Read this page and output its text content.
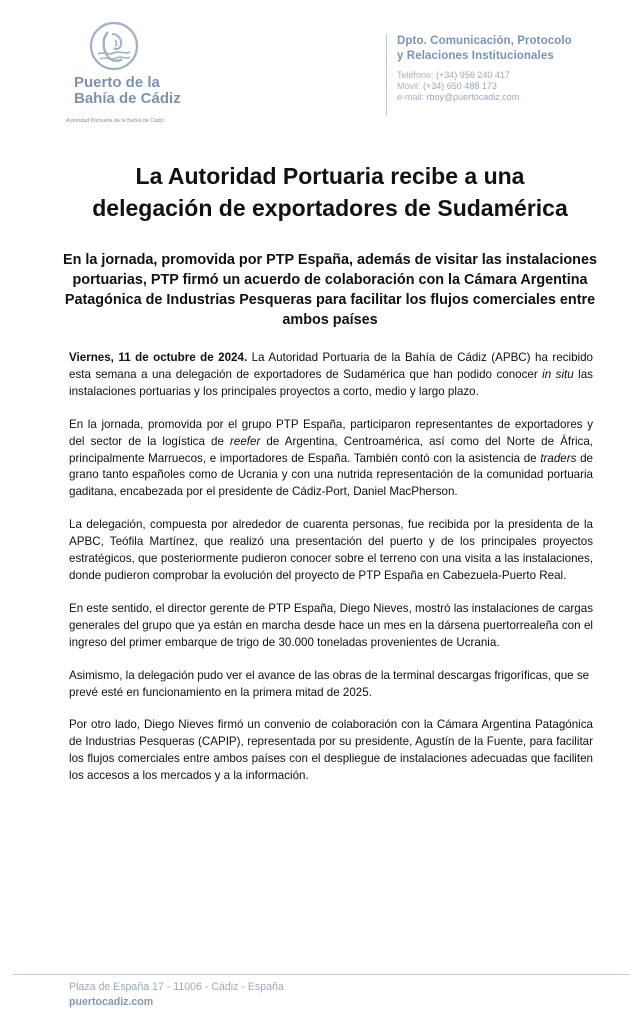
Puerto de la
Bahía de Cádiz
Autoridad Portuaria de la Bahía de Cádiz
Dpto. Comunicación, Protocolo
y Relaciones Institucionales
Teléfono: (+34) 956 240 417
Móvil: (+34) 650 488 173
e-mail: rboy@puertocadiz.com
La Autoridad Portuaria recibe a una
delegación de exportadores de Sudamérica
En la jornada, promovida por PTP España, además de visitar las instalaciones portuarias, PTP firmó un acuerdo de colaboración con la Cámara Argentina Patagónica de Industrias Pesqueras para facilitar los flujos comerciales entre ambos países

Viernes, 11 de octubre de 2024. La Autoridad Portuaria de la Bahía de Cádiz (APBC) ha recibido esta semana a una delegación de exportadores de Sudamérica que han podido conocer in situ las instalaciones portuarias y los principales proyectos a corto, medio y largo plazo.

En la jornada, promovida por el grupo PTP España, participaron representantes de exportadores y del sector de la logística de reefer de Argentina, Centroamérica, así como del Norte de África, principalmente Marruecos, e importadores de España. También contó con la asistencia de traders de grano tanto españoles como de Ucrania y con una nutrida representación de la comunidad portuaria gaditana, encabezada por el presidente de Cádiz-Port, Daniel MacPherson.

La delegación, compuesta por alrededor de cuarenta personas, fue recibida por la presidenta de la APBC, Teófila Martínez, que realizó una presentación del puerto y de los principales proyectos estratégicos, que posteriormente pudieron conocer sobre el terreno con una visita a las instalaciones, donde pudieron comprobar la evolución del proyecto de PTP España en Cabezuela-Puerto Real.

En este sentido, el director gerente de PTP España, Diego Nieves, mostró las instalaciones de cargas generales del grupo que ya están en marcha desde hace un mes en la dársena puertorrealeña con el ingreso del primer embarque de trigo de 30.000 toneladas provenientes de Ucrania.

Asimismo, la delegación pudo ver el avance de las obras de la terminal descargas frigoríficas, que se prevé esté en funcionamiento en la primera mitad de 2025.

Por otro lado, Diego Nieves firmó un convenio de colaboración con la Cámara Argentina Patagónica de Industrias Pesqueras (CAPIP), representada por su presidente, Agustín de la Fuente, para facilitar los flujos comerciales entre ambos países con el despliegue de instalaciones adecuadas que faciliten los accesos a los mercados y a la información.

Plaza de España 17 - 11006 - Cádiz - España
puertocadiz.com
